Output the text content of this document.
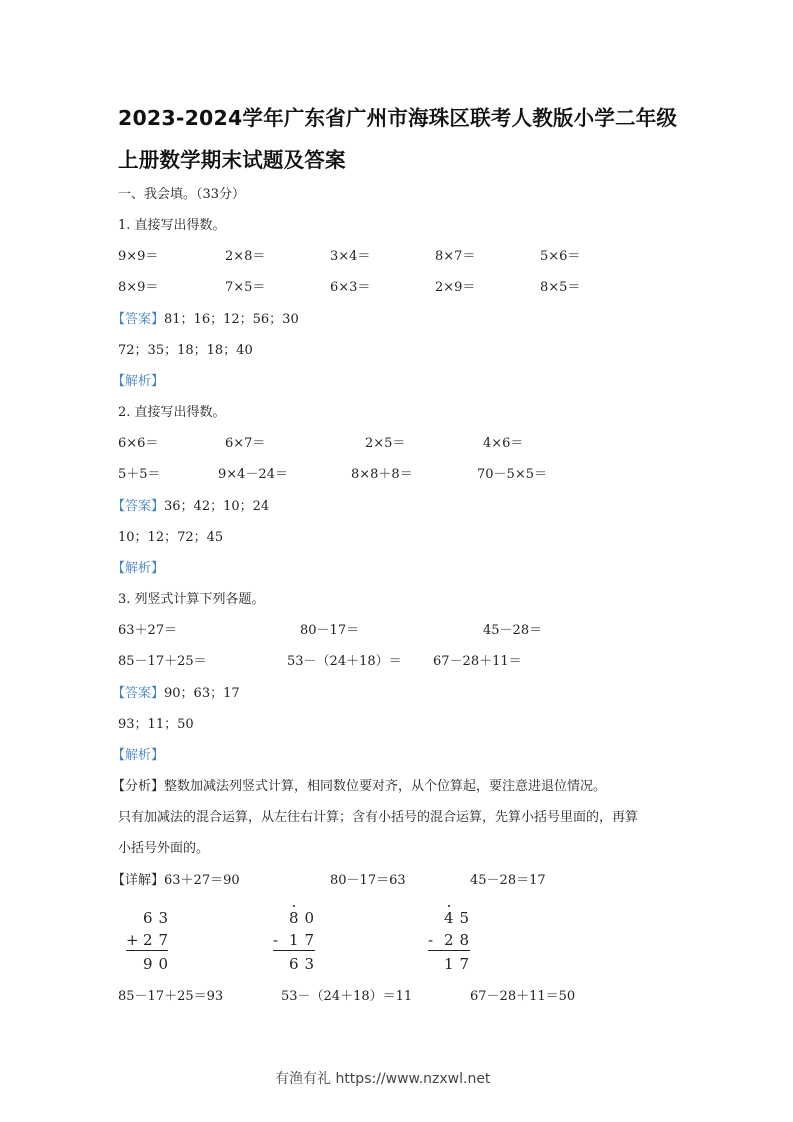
2023-2024学年广东省广州市海珠区联考人教版小学二年级
上册数学期末试题及答案
一、我会填。（33分）
1. 直接写出得数。
9×9＝	2×8＝	3×4＝	8×7＝	5×6＝
8×9＝	7×5＝	6×3＝	2×9＝	8×5＝
【答案】81；16；12；56；30
72；35；18；18；40
【解析】
2. 直接写出得数。
6×6＝	6×7＝	2×5＝	4×6＝
5＋5＝	9×4－24＝	8×8＋8＝	70－5×5＝
【答案】36；42；10；24
10；12；72；45
【解析】
3. 列竖式计算下列各题。
63＋27＝	80－17＝	45－28＝
85－17＋25＝	53－（24＋18）＝ 67－28＋11＝
【答案】90；63；17
93；11；50
【解析】
【分析】整数加减法列竖式计算，相同数位要对齐，从个位算起，要注意进退位情况。
只有加减法的混合运算，从左往右计算；含有小括号的混合运算，先算小括号里面的，再算
小括号外面的。
【详解】63＋27＝90	80－17＝63	45－28＝17
63
+
27
90
80
- 17
63
45
- 28
17
85－17＋25＝93	53－（24＋18）＝11	67－28＋11＝50
有渔有礼 https://www.nzxwl.net
